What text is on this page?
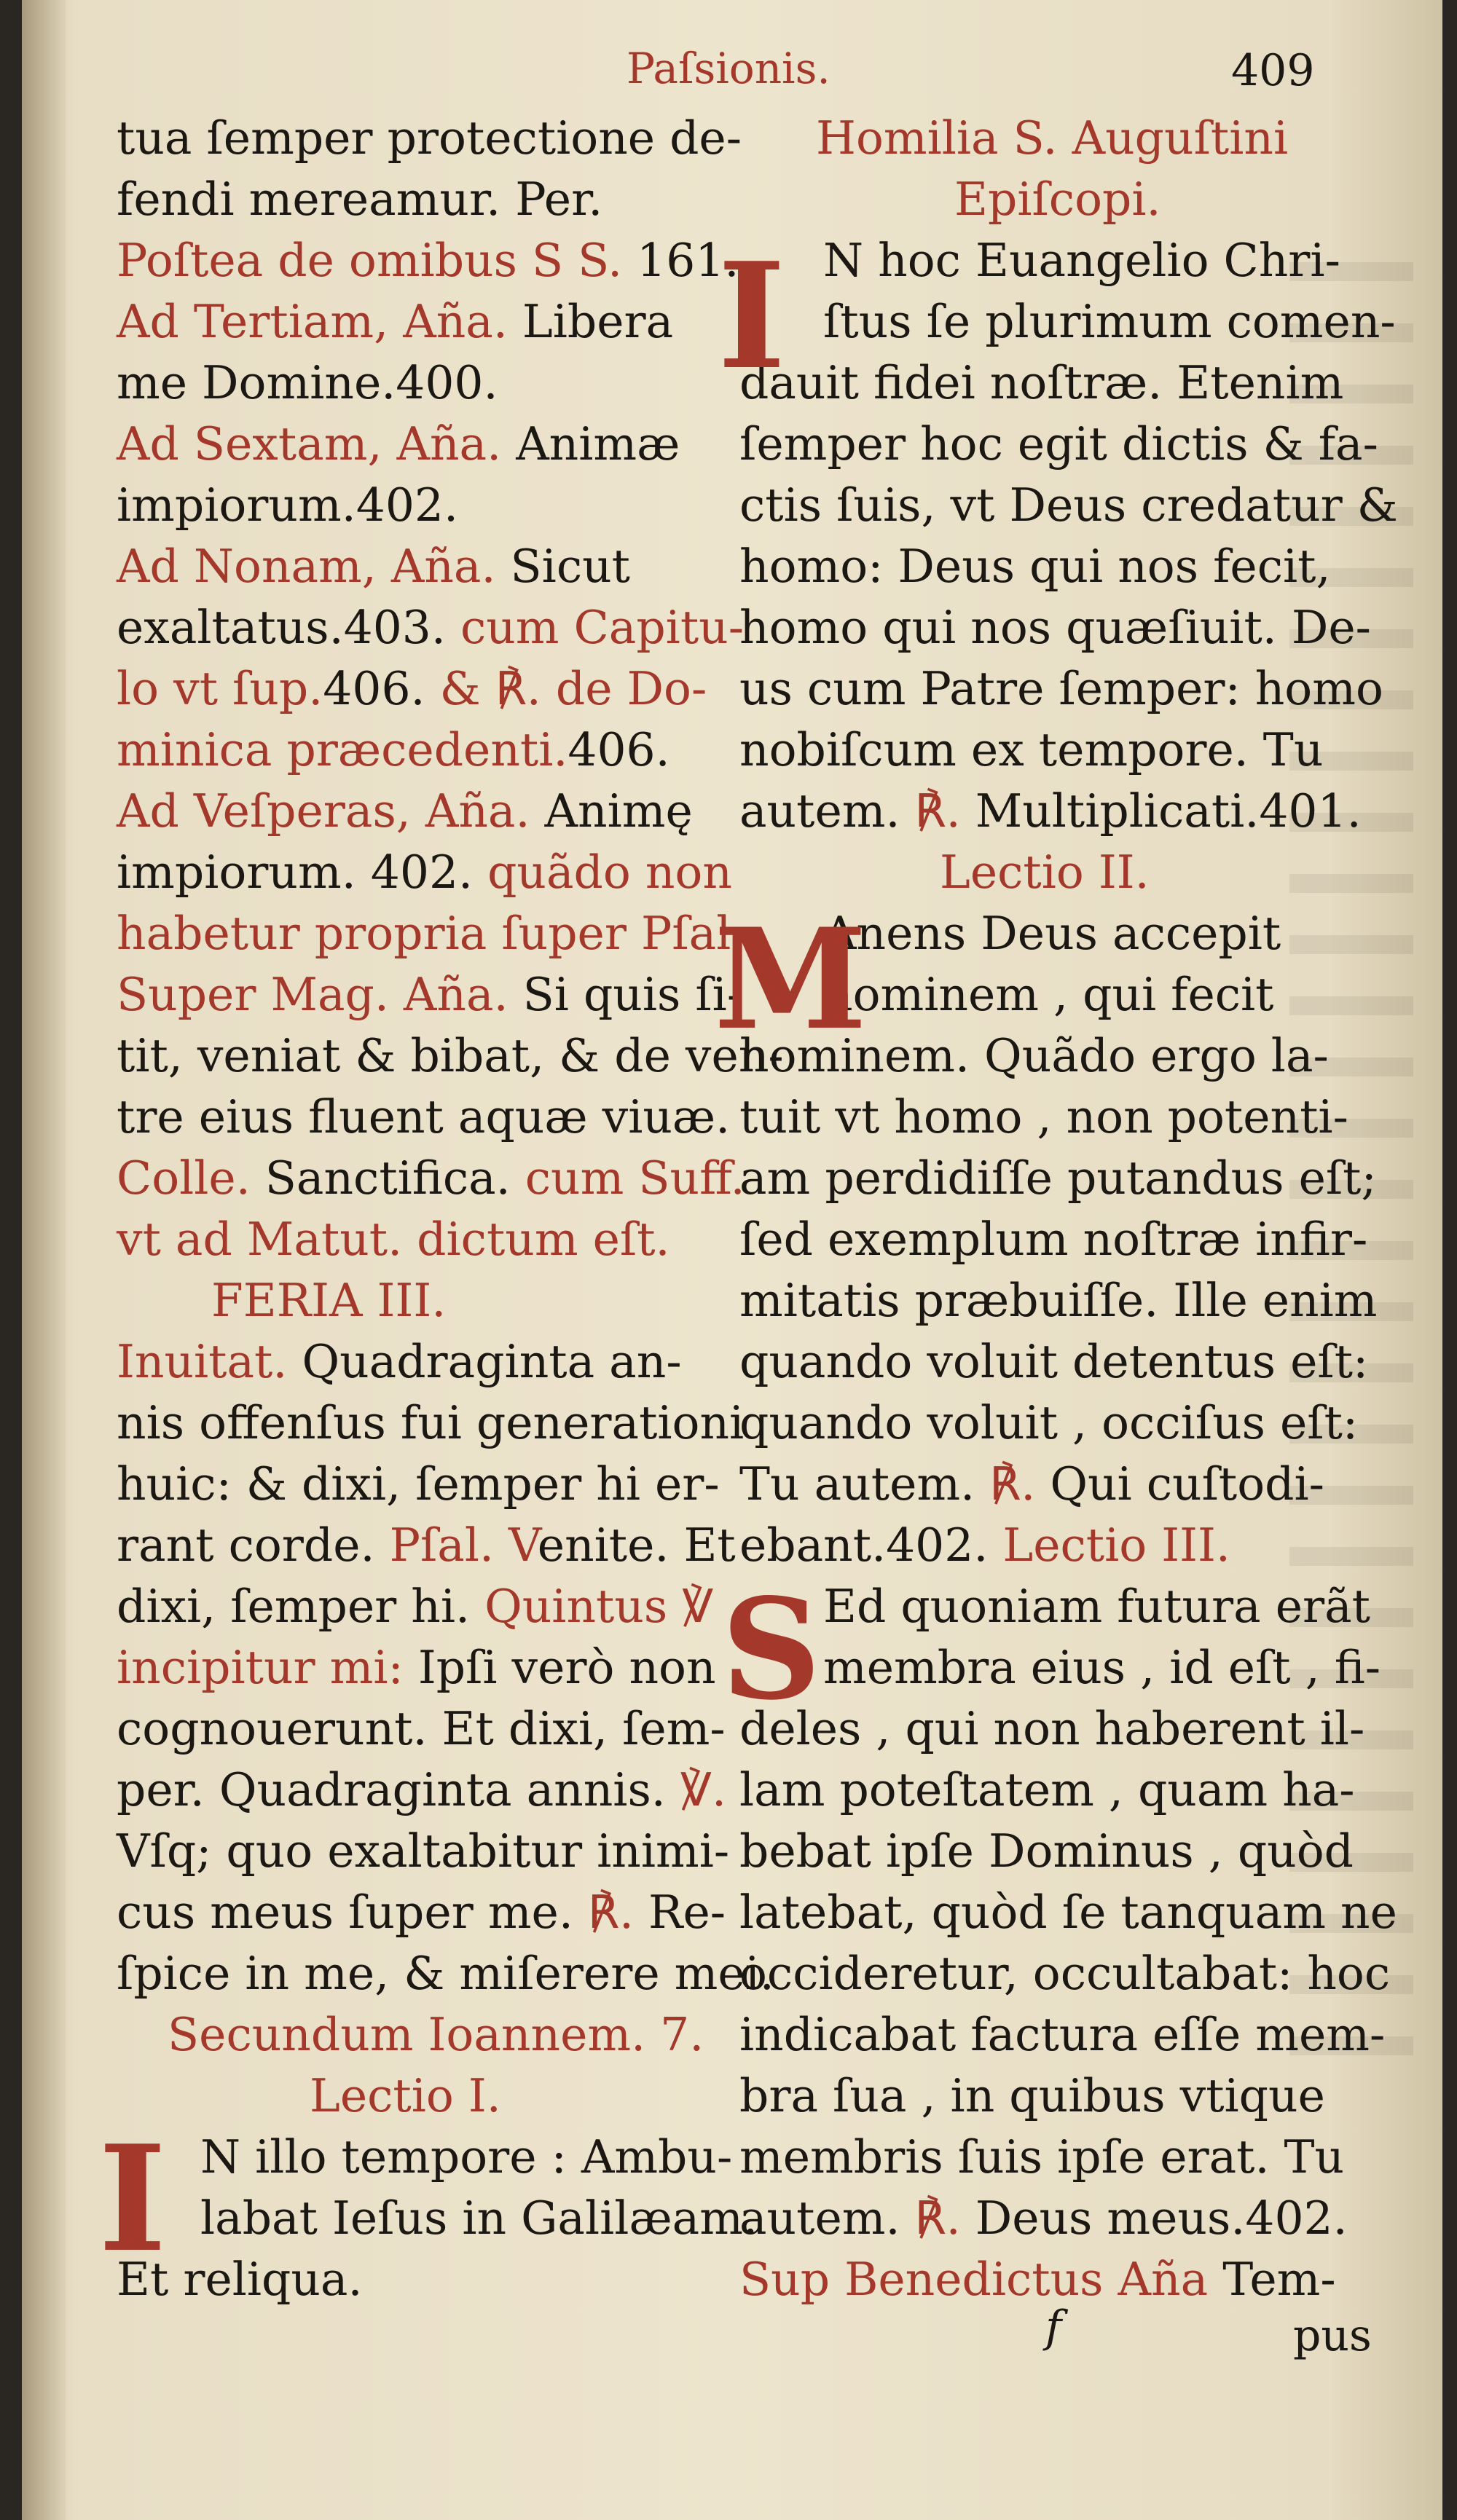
Paſsionis.	409
tua ſemper protectione de-
fendi mereamur. Per.
Poſtea de omibus S S. 161.
Ad Tertiam, Aña. Libera
me Domine.400.
Ad Sextam, Aña. Animæ
impiorum.402.
Ad Nonam, Aña. Sicut
exaltatus.403. cum Capitu-
lo vt ſup.406. & ℟. de Do-
minica præcedenti.406.
Ad Veſperas, Aña. Animę
impiorum. 402. quãdo non
habetur propria ſuper Pſal.
Super Mag. Aña. Si quis ſi-
tit, veniat & bibat, & de ven-
tre eius fluent aquæ viuæ.
Colle. Sanctifica. cum Suff.
vt ad Matut. dictum eſt.
FERIA III.
Inuitat. Quadraginta an-
nis offenſus fui generationi
huic: & dixi, ſemper hi er-
rant corde. Pſal. Venite. Et
dixi, ſemper hi. Quintus ℣
incipitur mi: Ipſi verò non
cognouerunt. Et dixi, ſem-
per. Quadraginta annis. ℣.
Vſq; quo exaltabitur inimi-
cus meus ſuper me. ℟. Re-
ſpice in me, & miſerere mei.
Secundum Ioannem. 7.
Lectio I.
N illo tempore : Ambu-
labat Ieſus in Galilæam.
Et reliqua.
Homilia S. Auguſtini
Epiſcopi.
N hoc Euangelio Chri-
ſtus ſe plurimum comen-
dauit fidei noſtræ. Etenim
ſemper hoc egit dictis & fa-
ctis ſuis, vt Deus credatur &
homo: Deus qui nos fecit,
homo qui nos quæſiuit. De-
us cum Patre ſemper: homo
nobiſcum ex tempore. Tu
autem. ℟. Multiplicati.401.
Lectio II.
Anens Deus accepit
hominem , qui fecit
hominem. Quãdo ergo la-
tuit vt homo , non potenti-
am perdidiſſe putandus eſt;
ſed exemplum noſtræ infir-
mitatis præbuiſſe. Ille enim
quando voluit detentus eſt:
quando voluit , occiſus eſt:
Tu autem. ℟. Qui cuſtodi-
ebant.402. Lectio III.
Ed quoniam futura erãt
membra eius , id eſt , fi-
deles , qui non haberent il-
lam poteſtatem , quam ha-
bebat ipſe Dominus , quòd
latebat, quòd ſe tanquam ne
occideretur, occultabat: hoc
indicabat factura eſſe mem-
bra ſua , in quibus vtique
membris ſuis ipſe erat. Tu
autem. ℟. Deus meus.402.
Sup Benedictus Aña Tem-
I
M
S
I
f	pus
